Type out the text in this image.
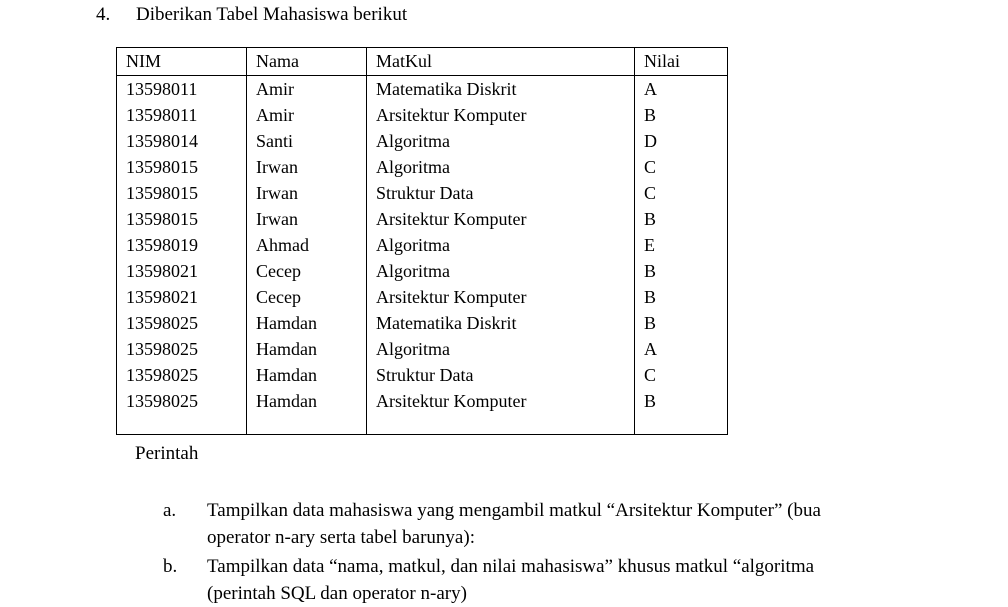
4. Diberikan Tabel Mahasiswa berikut
NIM	Nama	MatKul	Nilai
13598011	Amir	Matematika Diskrit	A
13598011	Amir	Arsitektur Komputer	B
13598014	Santi	Algoritma	D
13598015	Irwan	Algoritma	C
13598015	Irwan	Struktur Data	C
13598015	Irwan	Arsitektur Komputer	B
13598019	Ahmad	Algoritma	E
13598021	Cecep	Algoritma	B
13598021	Cecep	Arsitektur Komputer	B
13598025	Hamdan	Matematika Diskrit	B
13598025	Hamdan	Algoritma	A
13598025	Hamdan	Struktur Data	C
13598025	Hamdan	Arsitektur Komputer	B

Perintah
a.	Tampilkan data mahasiswa yang mengambil matkul “Arsitektur Komputer” (bua
operator n-ary serta tabel barunya):
b.	Tampilkan data “nama, matkul, dan nilai mahasiswa” khusus matkul “algoritma
(perintah SQL dan operator n-ary)
